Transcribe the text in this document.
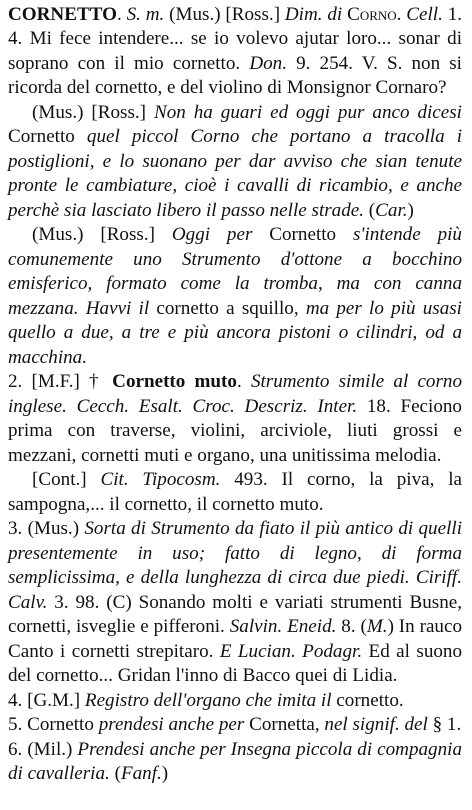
CORNETTO. S. m. (Mus.) [Ross.] Dim. di Corno. Cell. 1. 4. Mi fece intendere... se io volevo ajutar loro... sonar di soprano con il mio cornetto. Don. 9. 254. V. S. non si ricorda del cornetto, e del violino di Monsignor Cornaro?

(Mus.) [Ross.] Non ha guari ed oggi pur anco dicesi Cornetto quel piccol Corno che portano a tracolla i postiglioni, e lo suonano per dar avviso che sian tenute pronte le cambiature, cioè i cavalli di ricambio, e anche perchè sia lasciato libero il passo nelle strade. (Car.)

(Mus.) [Ross.] Oggi per Cornetto s'intende più comunemente uno Strumento d'ottone a bocchino emisferico, formato come la tromba, ma con canna mezzana. Havvi il cornetto a squillo, ma per lo più usasi quello a due, a tre e più ancora pistoni o cilindri, od a macchina.

2. [M.F.] † Cornetto muto. Strumento simile al corno inglese. Cecch. Esalt. Croc. Descriz. Inter. 18. Feciono prima con traverse, violini, arciviole, liuti grossi e mezzani, cornetti muti e organo, una unitissima melodia.

[Cont.] Cit. Tipocosm. 493. Il corno, la piva, la sampogna,... il cornetto, il cornetto muto.

3. (Mus.) Sorta di Strumento da fiato il più antico di quelli presentemente in uso; fatto di legno, di forma semplicissima, e della lunghezza di circa due piedi. Ciriff. Calv. 3. 98. (C) Sonando molti e variati strumenti Busne, cornetti, isveglie e pifferoni. Salvin. Eneid. 8. (M.) In rauco Canto i cornetti strepitaro. E Lucian. Podagr. Ed al suono del cornetto... Gridan l'inno di Bacco quei di Lidia.

4. [G.M.] Registro dell'organo che imita il cornetto.

5. Cornetto prendesi anche per Cornetta, nel signif. del § 1.

6. (Mil.) Prendesi anche per Insegna piccola di compagnia di cavalleria. (Fanf.)
